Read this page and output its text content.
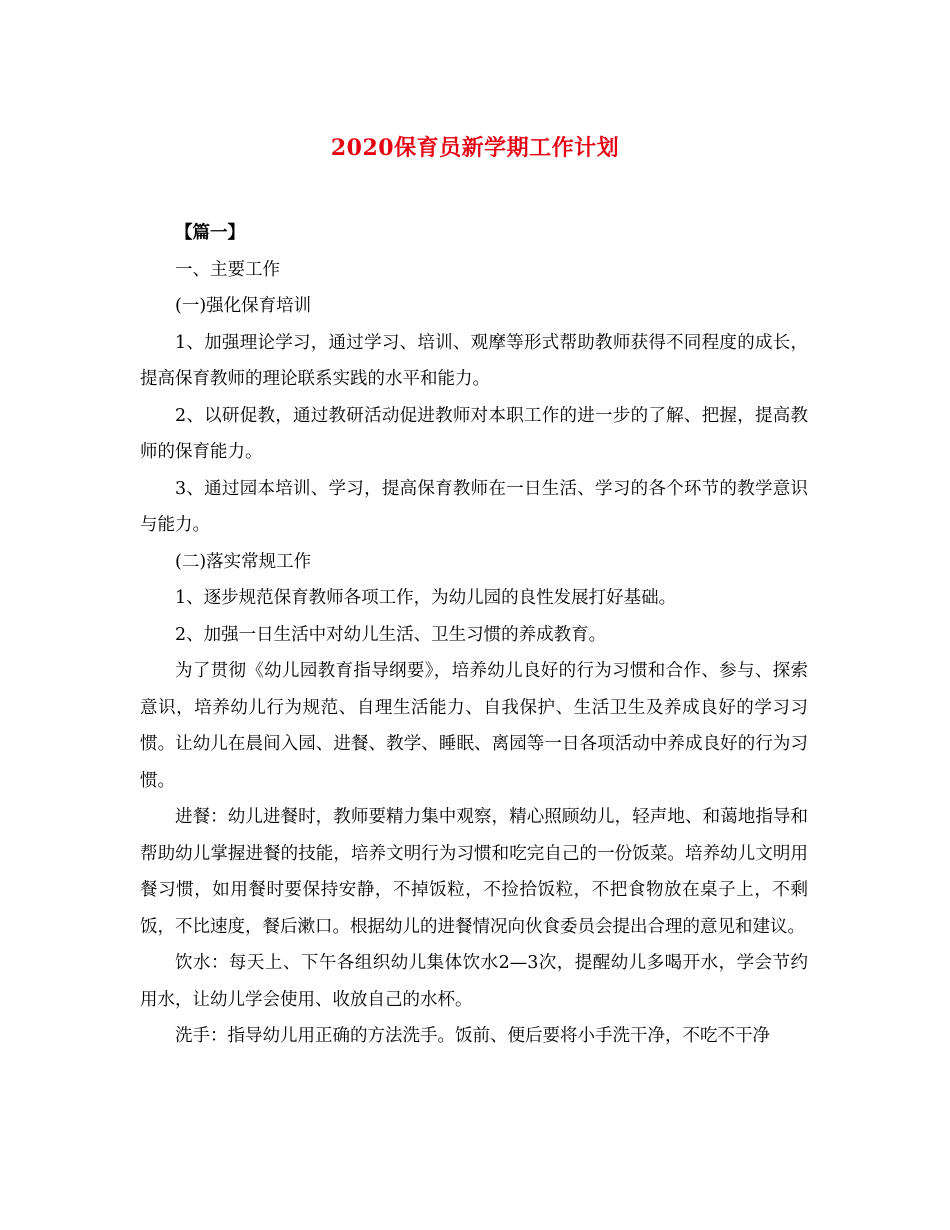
2020保育员新学期工作计划

【篇一】

一、主要工作

(一)强化保育培训

1、加强理论学习，通过学习、培训、观摩等形式帮助教师获得不同程度的成长，提高保育教师的理论联系实践的水平和能力。

2、以研促教，通过教研活动促进教师对本职工作的进一步的了解、把握，提高教师的保育能力。

3、通过园本培训、学习，提高保育教师在一日生活、学习的各个环节的教学意识与能力。

(二)落实常规工作

1、逐步规范保育教师各项工作，为幼儿园的良性发展打好基础。

2、加强一日生活中对幼儿生活、卫生习惯的养成教育。

为了贯彻《幼儿园教育指导纲要》，培养幼儿良好的行为习惯和合作、参与、探索意识，培养幼儿行为规范、自理生活能力、自我保护、生活卫生及养成良好的学习习惯。让幼儿在晨间入园、进餐、教学、睡眠、离园等一日各项活动中养成良好的行为习惯。

进餐：幼儿进餐时，教师要精力集中观察，精心照顾幼儿，轻声地、和蔼地指导和帮助幼儿掌握进餐的技能，培养文明行为习惯和吃完自己的一份饭菜。培养幼儿文明用餐习惯，如用餐时要保持安静，不掉饭粒，不捡拾饭粒，不把食物放在桌子上，不剩饭，不比速度，餐后漱口。根据幼儿的进餐情况向伙食委员会提出合理的意见和建议。

饮水：每天上、下午各组织幼儿集体饮水2—3次，提醒幼儿多喝开水，学会节约用水，让幼儿学会使用、收放自己的水杯。

洗手：指导幼儿用正确的方法洗手。饭前、便后要将小手洗干净，不吃不干净
